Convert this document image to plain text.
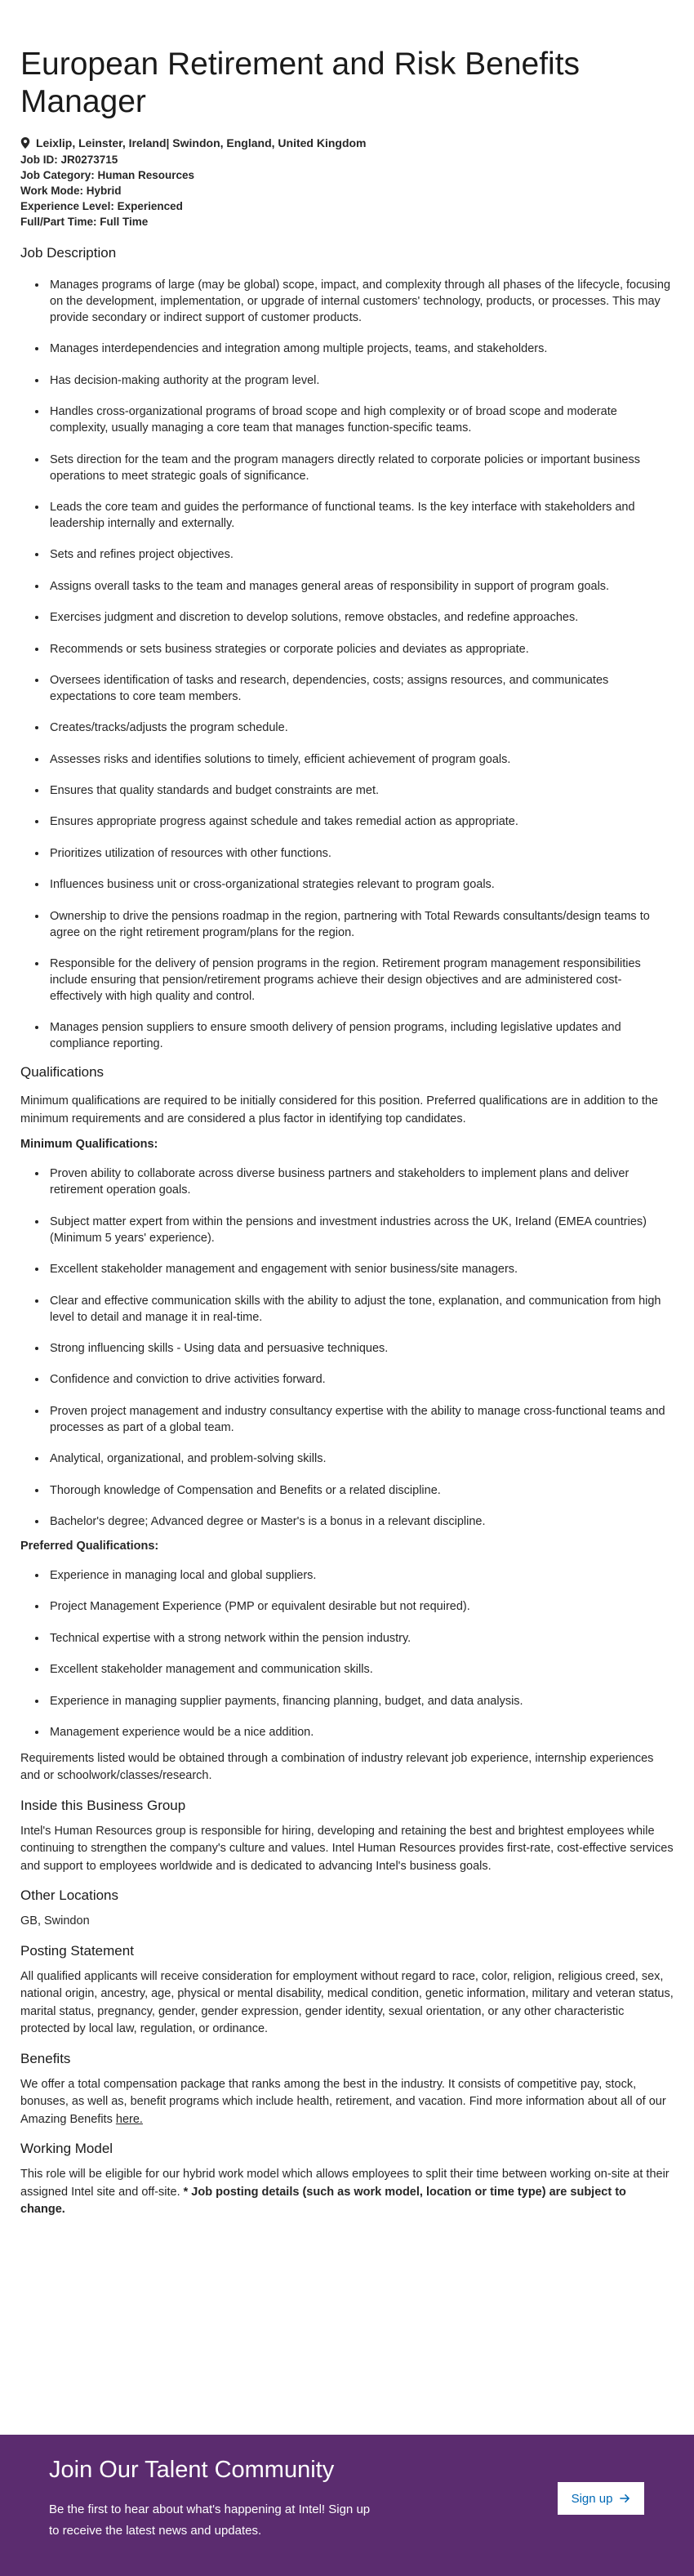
European Retirement and Risk Benefits Manager
Leixlip, Leinster, Ireland| Swindon, England, United Kingdom
Job ID: JR0273715
Job Category: Human Resources
Work Mode: Hybrid
Experience Level: Experienced
Full/Part Time: Full Time
Job Description
• Manages programs of large (may be global) scope, impact, and complexity through all phases of the lifecycle, focusing on the development, implementation, or upgrade of internal customers' technology, products, or processes. This may provide secondary or indirect support of customer products.
• Manages interdependencies and integration among multiple projects, teams, and stakeholders.
• Has decision-making authority at the program level.
• Handles cross-organizational programs of broad scope and high complexity or of broad scope and moderate complexity, usually managing a core team that manages function-specific teams.
• Sets direction for the team and the program managers directly related to corporate policies or important business operations to meet strategic goals of significance.
• Leads the core team and guides the performance of functional teams. Is the key interface with stakeholders and leadership internally and externally.
• Sets and refines project objectives.
• Assigns overall tasks to the team and manages general areas of responsibility in support of program goals.
• Exercises judgment and discretion to develop solutions, remove obstacles, and redefine approaches.
• Recommends or sets business strategies or corporate policies and deviates as appropriate.
• Oversees identification of tasks and research, dependencies, costs; assigns resources, and communicates expectations to core team members.
• Creates/tracks/adjusts the program schedule.
• Assesses risks and identifies solutions to timely, efficient achievement of program goals.
• Ensures that quality standards and budget constraints are met.
• Ensures appropriate progress against schedule and takes remedial action as appropriate.
• Prioritizes utilization of resources with other functions.
• Influences business unit or cross-organizational strategies relevant to program goals.
• Ownership to drive the pensions roadmap in the region, partnering with Total Rewards consultants/design teams to agree on the right retirement program/plans for the region.
• Responsible for the delivery of pension programs in the region. Retirement program management responsibilities include ensuring that pension/retirement programs achieve their design objectives and are administered cost-effectively with high quality and control.
• Manages pension suppliers to ensure smooth delivery of pension programs, including legislative updates and compliance reporting.
Qualifications

Minimum qualifications are required to be initially considered for this position. Preferred qualifications are in addition to the minimum requirements and are considered a plus factor in identifying top candidates.

Minimum Qualifications:
• Proven ability to collaborate across diverse business partners and stakeholders to implement plans and deliver retirement operation goals.
• Subject matter expert from within the pensions and investment industries across the UK, Ireland (EMEA countries) (Minimum 5 years' experience).
• Excellent stakeholder management and engagement with senior business/site managers.
• Clear and effective communication skills with the ability to adjust the tone, explanation, and communication from high level to detail and manage it in real-time.
• Strong influencing skills - Using data and persuasive techniques.
• Confidence and conviction to drive activities forward.
• Proven project management and industry consultancy expertise with the ability to manage cross-functional teams and processes as part of a global team.
• Analytical, organizational, and problem-solving skills.
• Thorough knowledge of Compensation and Benefits or a related discipline.
• Bachelor's degree; Advanced degree or Master's is a bonus in a relevant discipline.
Preferred Qualifications:
• Experience in managing local and global suppliers.
• Project Management Experience (PMP or equivalent desirable but not required).
• Technical expertise with a strong network within the pension industry.
• Excellent stakeholder management and communication skills.
• Experience in managing supplier payments, financing planning, budget, and data analysis.
• Management experience would be a nice addition.

Requirements listed would be obtained through a combination of industry relevant job experience, internship experiences and or schoolwork/classes/research.

Inside this Business Group

Intel's Human Resources group is responsible for hiring, developing and retaining the best and brightest employees while continuing to strengthen the company's culture and values. Intel Human Resources provides first-rate, cost-effective services and support to employees worldwide and is dedicated to advancing Intel's business goals.

Other Locations

GB, Swindon

Posting Statement

All qualified applicants will receive consideration for employment without regard to race, color, religion, religious creed, sex, national origin, ancestry, age, physical or mental disability, medical condition, genetic information, military and veteran status, marital status, pregnancy, gender, gender expression, gender identity, sexual orientation, or any other characteristic protected by local law, regulation, or ordinance.

Benefits

We offer a total compensation package that ranks among the best in the industry. It consists of competitive pay, stock, bonuses, as well as, benefit programs which include health, retirement, and vacation. Find more information about all of our Amazing Benefits here.

Working Model

This role will be eligible for our hybrid work model which allows employees to split their time between working on-site at their assigned Intel site and off-site. * Job posting details (such as work model, location or time type) are subject to change.

Join Our Talent Community

Be the first to hear about what's happening at Intel! Sign up to receive the latest news and updates.

Sign up
